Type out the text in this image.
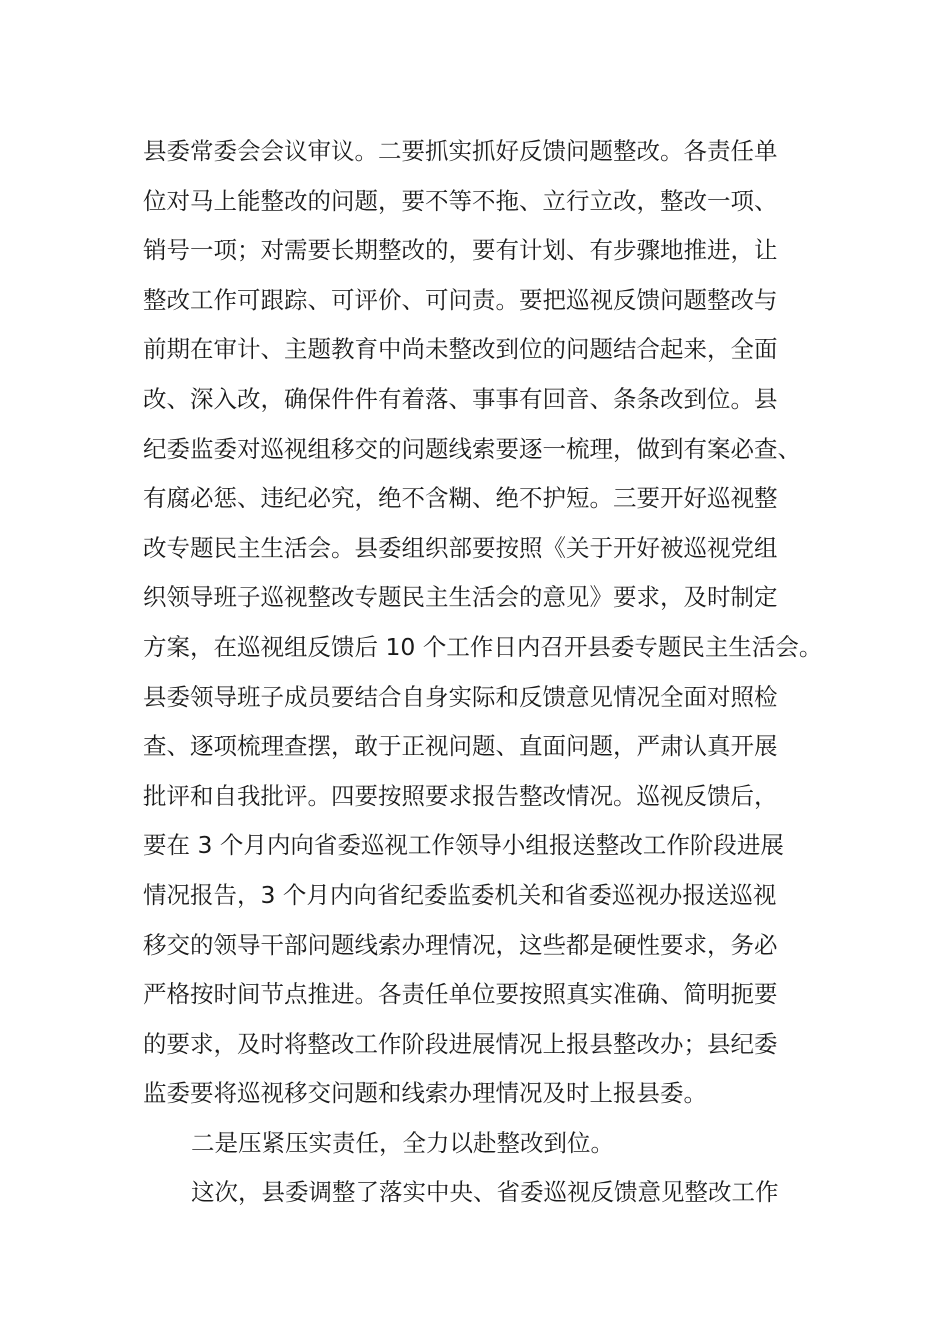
县委常委会会议审议。二要抓实抓好反馈问题整改。各责任单
位对马上能整改的问题，要不等不拖、立行立改，整改一项、
销号一项；对需要长期整改的，要有计划、有步骤地推进，让
整改工作可跟踪、可评价、可问责。要把巡视反馈问题整改与
前期在审计、主题教育中尚未整改到位的问题结合起来，全面
改、深入改，确保件件有着落、事事有回音、条条改到位。县
纪委监委对巡视组移交的问题线索要逐一梳理，做到有案必查、
有腐必惩、违纪必究，绝不含糊、绝不护短。三要开好巡视整
改专题民主生活会。县委组织部要按照《关于开好被巡视党组
织领导班子巡视整改专题民主生活会的意见》要求，及时制定
方案，在巡视组反馈后 10 个工作日内召开县委专题民主生活会。
县委领导班子成员要结合自身实际和反馈意见情况全面对照检
查、逐项梳理查摆，敢于正视问题、直面问题，严肃认真开展
批评和自我批评。四要按照要求报告整改情况。巡视反馈后，
要在 3 个月内向省委巡视工作领导小组报送整改工作阶段进展
情况报告，3 个月内向省纪委监委机关和省委巡视办报送巡视
移交的领导干部问题线索办理情况，这些都是硬性要求，务必
严格按时间节点推进。各责任单位要按照真实准确、简明扼要
的要求，及时将整改工作阶段进展情况上报县整改办；县纪委
监委要将巡视移交问题和线索办理情况及时上报县委。
二是压紧压实责任，全力以赴整改到位。
这次，县委调整了落实中央、省委巡视反馈意见整改工作
